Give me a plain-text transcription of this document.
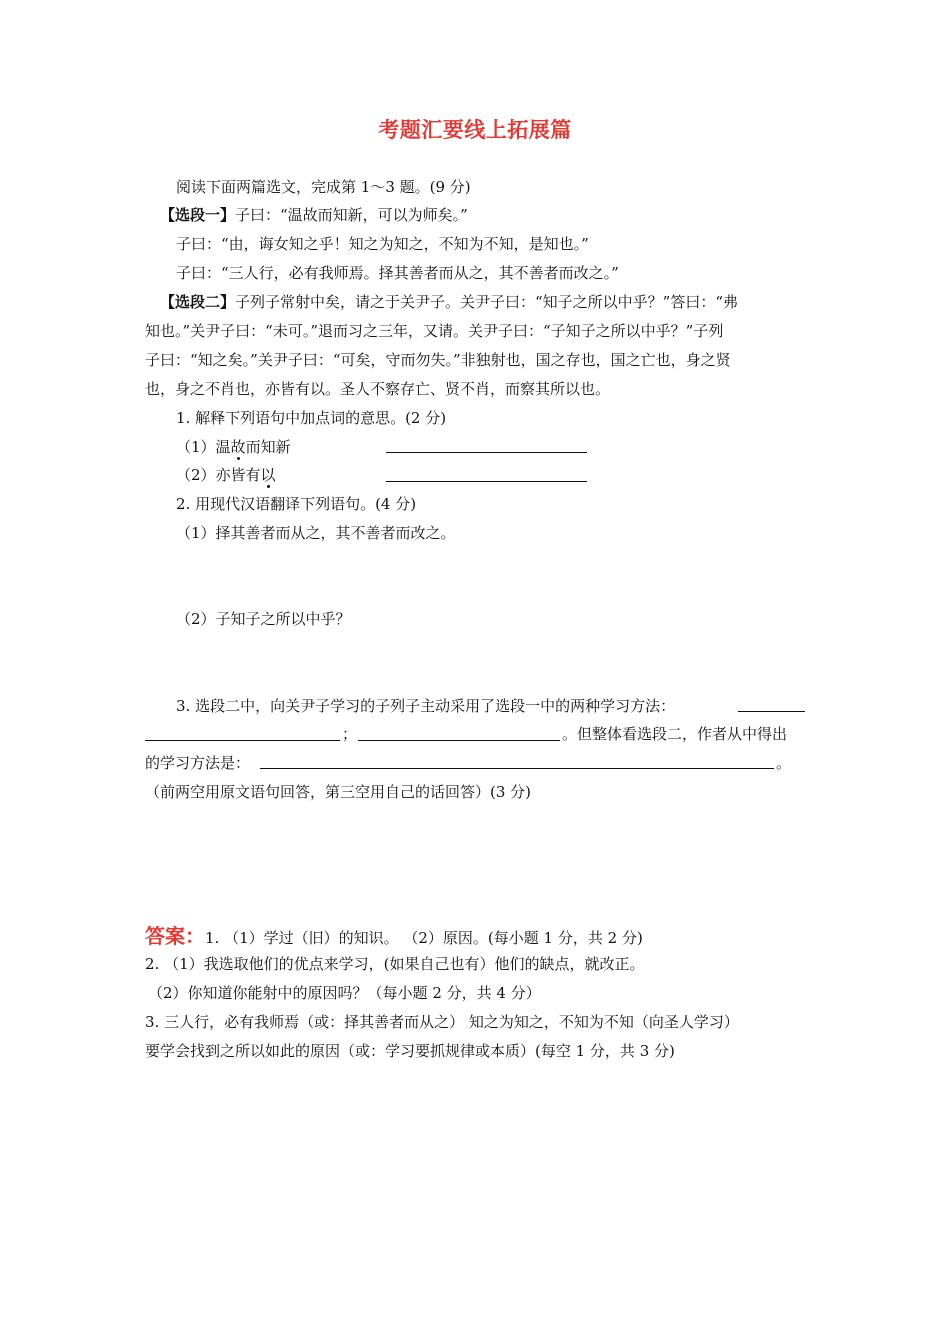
考题汇要线上拓展篇
阅读下面两篇选文，完成第 1～3 题。(9 分)
【选段一】子曰：“温故而知新，可以为师矣。”
子曰：“由，诲女知之乎！知之为知之，不知为不知，是知也。”
子曰：“三人行，必有我师焉。择其善者而从之，其不善者而改之。”
【选段二】子列子常射中矣，请之于关尹子。关尹子曰：“知子之所以中乎？”答曰：“弗
知也。”关尹子曰：“未可。”退而习之三年，又请。关尹子曰：“子知子之所以中乎？”子列
子曰：“知之矣。”关尹子曰：“可矣，守而勿失。”非独射也，国之存也，国之亡也，身之贤
也，身之不肖也，亦皆有以。圣人不察存亡、贤不肖，而察其所以也。
1. 解释下列语句中加点词的意思。(2 分)
（1）温故而知新
（2）亦皆有以
2. 用现代汉语翻译下列语句。(4 分)
（1）择其善者而从之，其不善者而改之。
（2）子知子之所以中乎？
3. 选段二中，向关尹子学习的子列子主动采用了选段一中的两种学习方法：
；	。但整体看选段二，作者从中得出
的学习方法是：	。
（前两空用原文语句回答，第三空用自己的话回答）(3 分)
答案：1. （1）学过（旧）的知识。 （2）原因。(每小题 1 分，共 2 分)
2. （1）我选取他们的优点来学习，(如果自己也有）他们的缺点，就改正。
（2）你知道你能射中的原因吗？（每小题 2 分，共 4 分）
3. 三人行，必有我师焉（或：择其善者而从之） 知之为知之，不知为不知（向圣人学习）
要学会找到之所以如此的原因（或：学习要抓规律或本质）(每空 1 分，共 3 分)
